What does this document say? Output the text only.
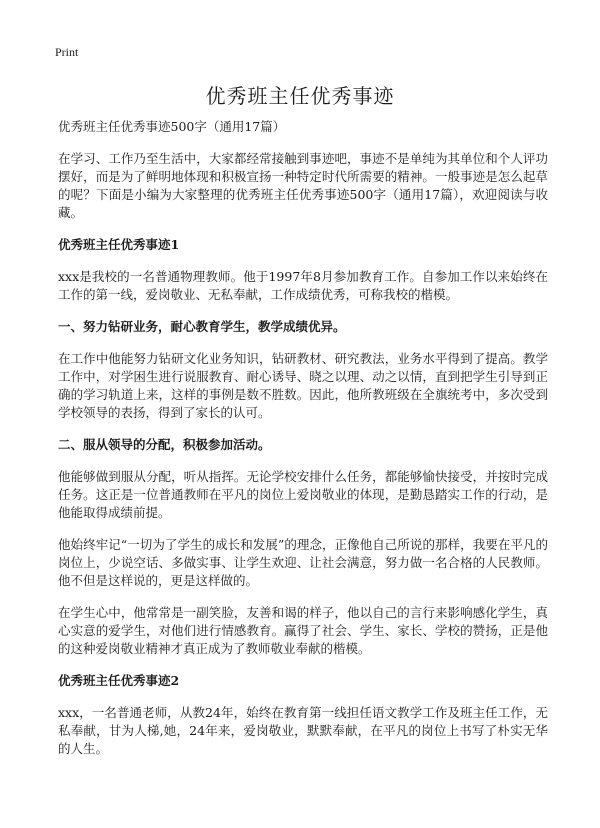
Print
优秀班主任优秀事迹
优秀班主任优秀事迹500字（通用17篇）

在学习、工作乃至生活中，大家都经常接触到事迹吧，事迹不是单纯为其单位和个人评功摆好，而是为了鲜明地体现和积极宣扬一种特定时代所需要的精神。一般事迹是怎么起草的呢？下面是小编为大家整理的优秀班主任优秀事迹500字（通用17篇），欢迎阅读与收藏。

优秀班主任优秀事迹1

xxx是我校的一名普通物理教师。他于1997年8月参加教育工作。自参加工作以来始终在工作的第一线，爱岗敬业、无私奉献，工作成绩优秀，可称我校的楷模。

一、努力钻研业务，耐心教育学生，教学成绩优异。

在工作中他能努力钻研文化业务知识，钻研教材、研究教法，业务水平得到了提高。教学工作中，对学困生进行说服教育、耐心诱导、晓之以理、动之以情，直到把学生引导到正确的学习轨道上来，这样的事例是数不胜数。因此，他所教班级在全旗统考中，多次受到学校领导的表扬，得到了家长的认可。

二、服从领导的分配，积极参加活动。

他能够做到服从分配，听从指挥。无论学校安排什么任务，都能够愉快接受，并按时完成任务。这正是一位普通教师在平凡的岗位上爱岗敬业的体现，是勤恳踏实工作的行动，是他能取得成绩前提。

他始终牢记“一切为了学生的成长和发展”的理念，正像他自己所说的那样，我要在平凡的岗位上，少说空话、多做实事、让学生欢迎、让社会满意，努力做一名合格的人民教师。他不但是这样说的，更是这样做的。

在学生心中，他常常是一副笑脸，友善和谒的样子，他以自己的言行来影响感化学生，真心实意的爱学生，对他们进行情感教育。赢得了社会、学生、家长、学校的赞扬，正是他的这种爱岗敬业精神才真正成为了教师敬业奉献的楷模。

优秀班主任优秀事迹2

xxx，一名普通老师，从教24年，始终在教育第一线担任语文教学工作及班主任工作，无私奉献，甘为人梯,她，24年来，爱岗敬业，默默奉献，在平凡的岗位上书写了朴实无华的人生。
